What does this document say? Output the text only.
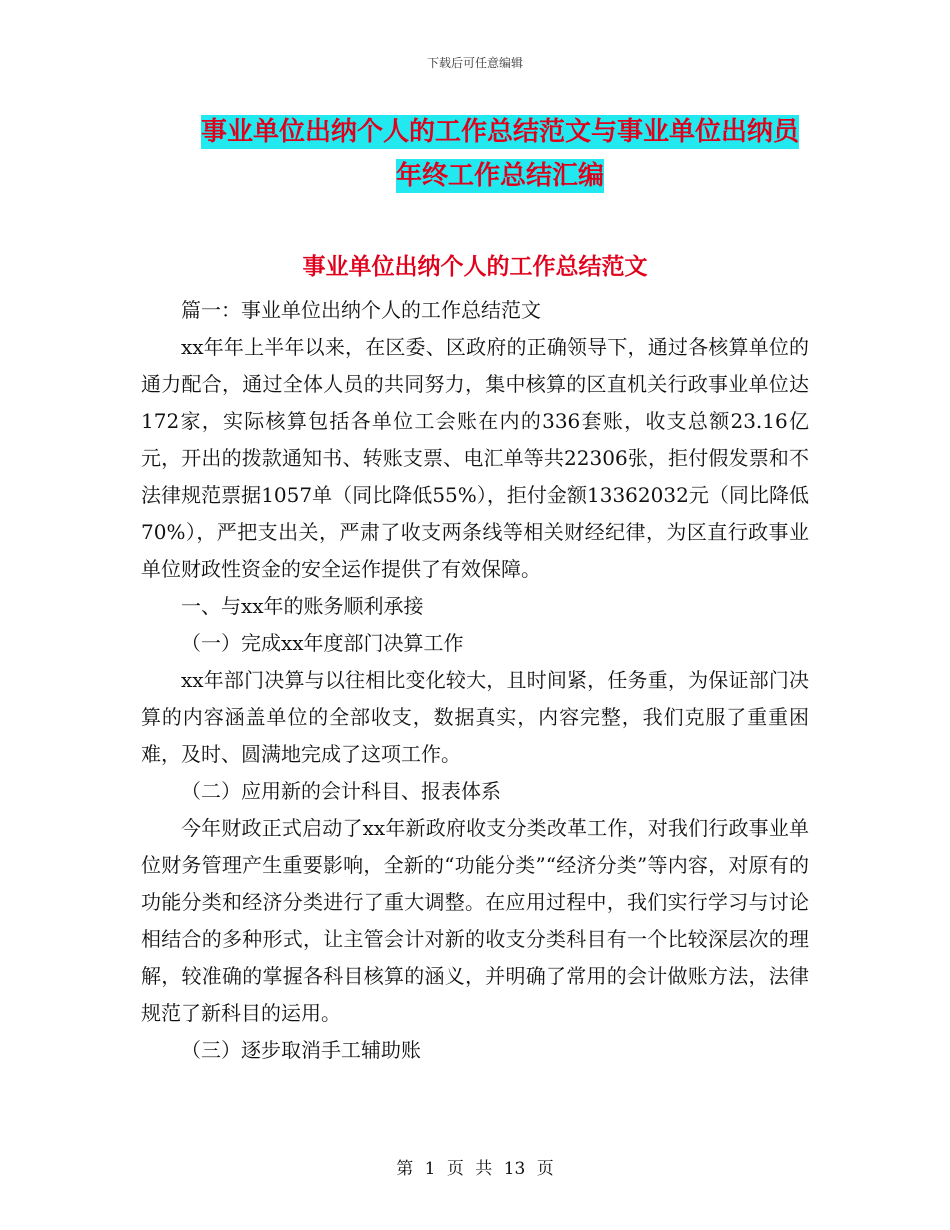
下载后可任意编辑
事业单位出纳个人的工作总结范文与事业单位出纳员
年终工作总结汇编
事业单位出纳个人的工作总结范文

篇一：事业单位出纳个人的工作总结范文

xx年年上半年以来，在区委、区政府的正确领导下，通过各核算单位的通力配合，通过全体人员的共同努力，集中核算的区直机关行政事业单位达172家，实际核算包括各单位工会账在内的336套账，收支总额23.16亿元，开出的拨款通知书、转账支票、电汇单等共22306张，拒付假发票和不法律规范票据1057单（同比降低55%），拒付金额13362032元（同比降低70%），严把支出关，严肃了收支两条线等相关财经纪律，为区直行政事业单位财政性资金的安全运作提供了有效保障。

一、与xx年的账务顺利承接

（一）完成xx年度部门决算工作

xx年部门决算与以往相比变化较大，且时间紧，任务重，为保证部门决算的内容涵盖单位的全部收支，数据真实，内容完整，我们克服了重重困难，及时、圆满地完成了这项工作。

（二）应用新的会计科目、报表体系

今年财政正式启动了xx年新政府收支分类改革工作，对我们行政事业单位财务管理产生重要影响，全新的“功能分类”“经济分类”等内容，对原有的功能分类和经济分类进行了重大调整。在应用过程中，我们实行学习与讨论相结合的多种形式，让主管会计对新的收支分类科目有一个比较深层次的理解，较准确的掌握各科目核算的涵义，并明确了常用的会计做账方法，法律规范了新科目的运用。

（三）逐步取消手工辅助账

第 1 页 共 13 页
